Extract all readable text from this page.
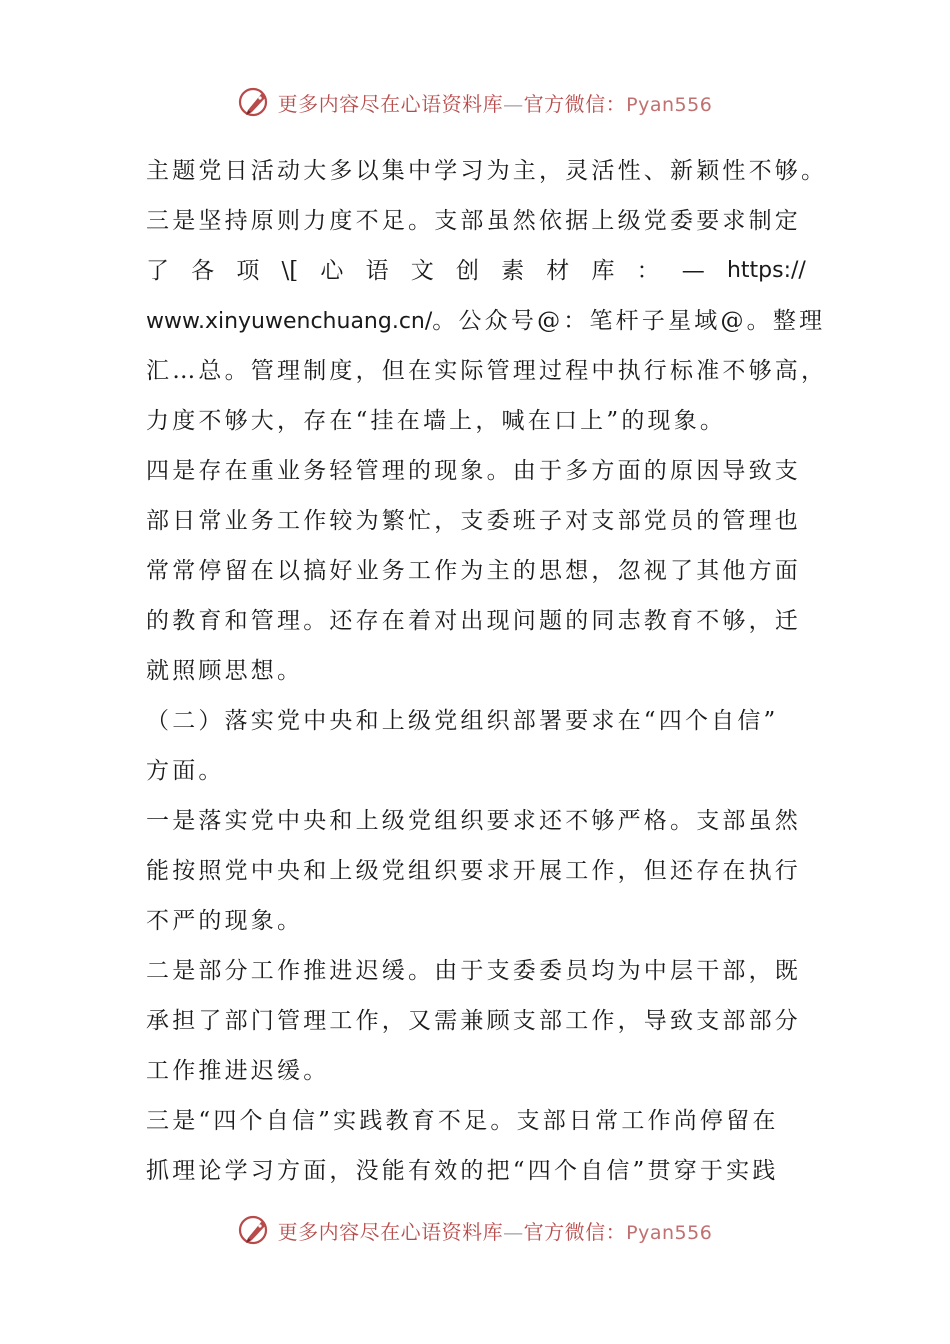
更多内容尽在心语资料库—官方微信：Pyan556
主题党日活动大多以集中学习为主，灵活性、新颖性不够。
三是坚持原则力度不足。支部虽然依据上级党委要求制定
了 各 项 \[ 心 语 文 创 素 材 库 ： — https://
www.xinyuwenchuang.cn/。公众号@：笔杆子星域@。整理
汇…总。管理制度，但在实际管理过程中执行标准不够高，
力度不够大，存在“挂在墙上，喊在口上”的现象。
四是存在重业务轻管理的现象。由于多方面的原因导致支
部日常业务工作较为繁忙，支委班子对支部党员的管理也
常常停留在以搞好业务工作为主的思想，忽视了其他方面
的教育和管理。还存在着对出现问题的同志教育不够，迁
就照顾思想。
（二）落实党中央和上级党组织部署要求在“四个自信”
方面。
一是落实党中央和上级党组织要求还不够严格。支部虽然
能按照党中央和上级党组织要求开展工作，但还存在执行
不严的现象。
二是部分工作推进迟缓。由于支委委员均为中层干部，既
承担了部门管理工作，又需兼顾支部工作，导致支部部分
工作推进迟缓。
三是“四个自信”实践教育不足。支部日常工作尚停留在
抓理论学习方面，没能有效的把“四个自信”贯穿于实践
更多内容尽在心语资料库—官方微信：Pyan556
